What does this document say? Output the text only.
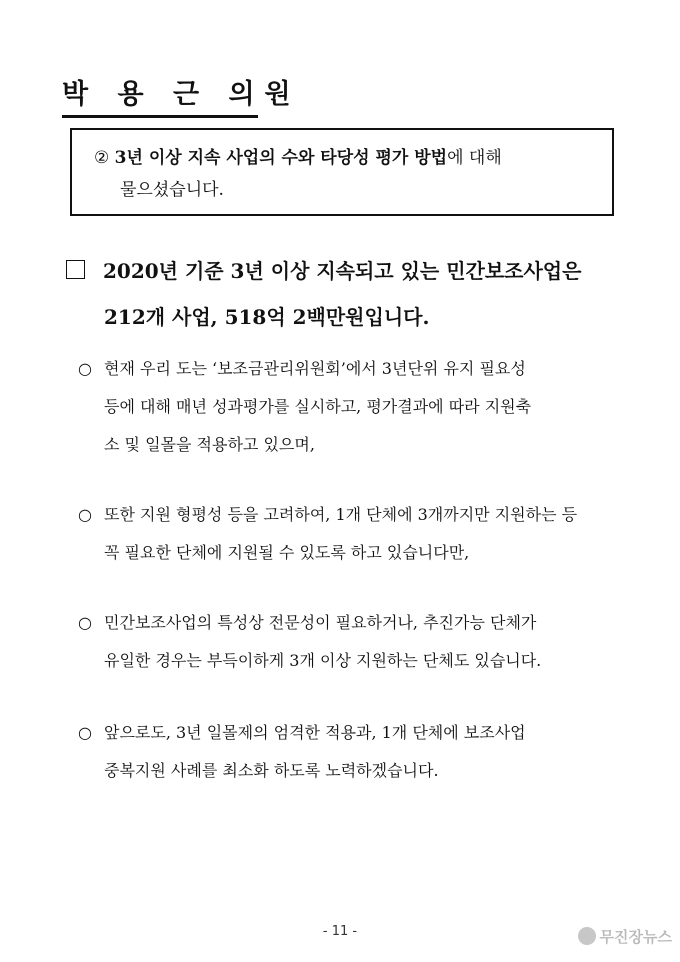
박 용 근 의원
② 3년 이상 지속 사업의 수와 타당성 평가 방법에 대해
물으셨습니다.
2020년 기준 3년 이상 지속되고 있는 민간보조사업은
212개 사업, 518억 2백만원입니다.
○ 현재 우리 도는 ‘보조금관리위원회’에서 3년단위 유지 필요성
등에 대해 매년 성과평가를 실시하고, 평가결과에 따라 지원축
소 및 일몰을 적용하고 있으며,
○ 또한 지원 형평성 등을 고려하여, 1개 단체에 3개까지만 지원하는 등
꼭 필요한 단체에 지원될 수 있도록 하고 있습니다만,
○ 민간보조사업의 특성상 전문성이 필요하거나, 추진가능 단체가
유일한 경우는 부득이하게 3개 이상 지원하는 단체도 있습니다.
○ 앞으로도, 3년 일몰제의 엄격한 적용과, 1개 단체에 보조사업
중복지원 사례를 최소화 하도록 노력하겠습니다.
- 11 -	무진장뉴스
